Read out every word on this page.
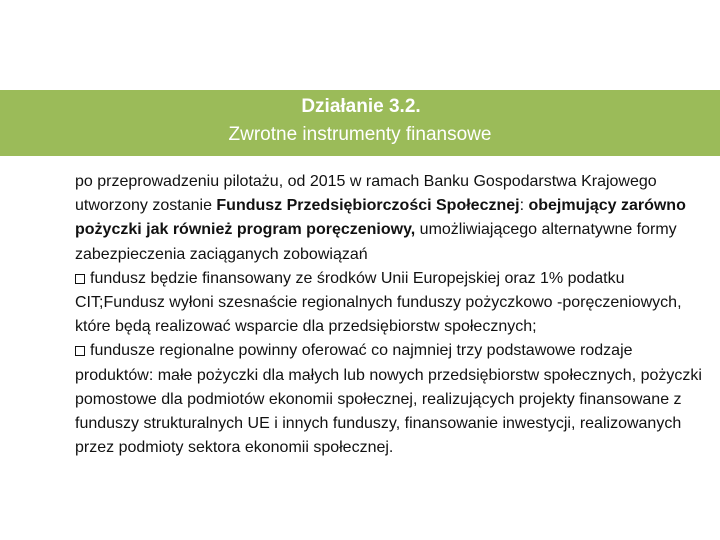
Działanie 3.2.
Zwrotne instrumenty finansowe

po przeprowadzeniu pilotażu, od 2015 w ramach Banku Gospodarstwa Krajowego utworzony zostanie Fundusz Przedsiębiorczości Społecznej: obejmujący zarówno pożyczki jak również program poręczeniowy, umożliwiającego alternatywne formy zabezpieczenia zaciąganych zobowiązań

fundusz będzie finansowany ze środków Unii Europejskiej oraz 1% podatku CIT;Fundusz wyłoni szesnaście regionalnych funduszy pożyczkowo -poręczeniowych, które będą realizować wsparcie dla przedsiębiorstw społecznych;

fundusze regionalne powinny oferować co najmniej trzy podstawowe rodzaje produktów: małe pożyczki dla małych lub nowych przedsiębiorstw społecznych, pożyczki pomostowe dla podmiotów ekonomii społecznej, realizujących projekty finansowane z funduszy strukturalnych UE i innych funduszy, finansowanie inwestycji, realizowanych przez podmioty sektora ekonomii społecznej.
